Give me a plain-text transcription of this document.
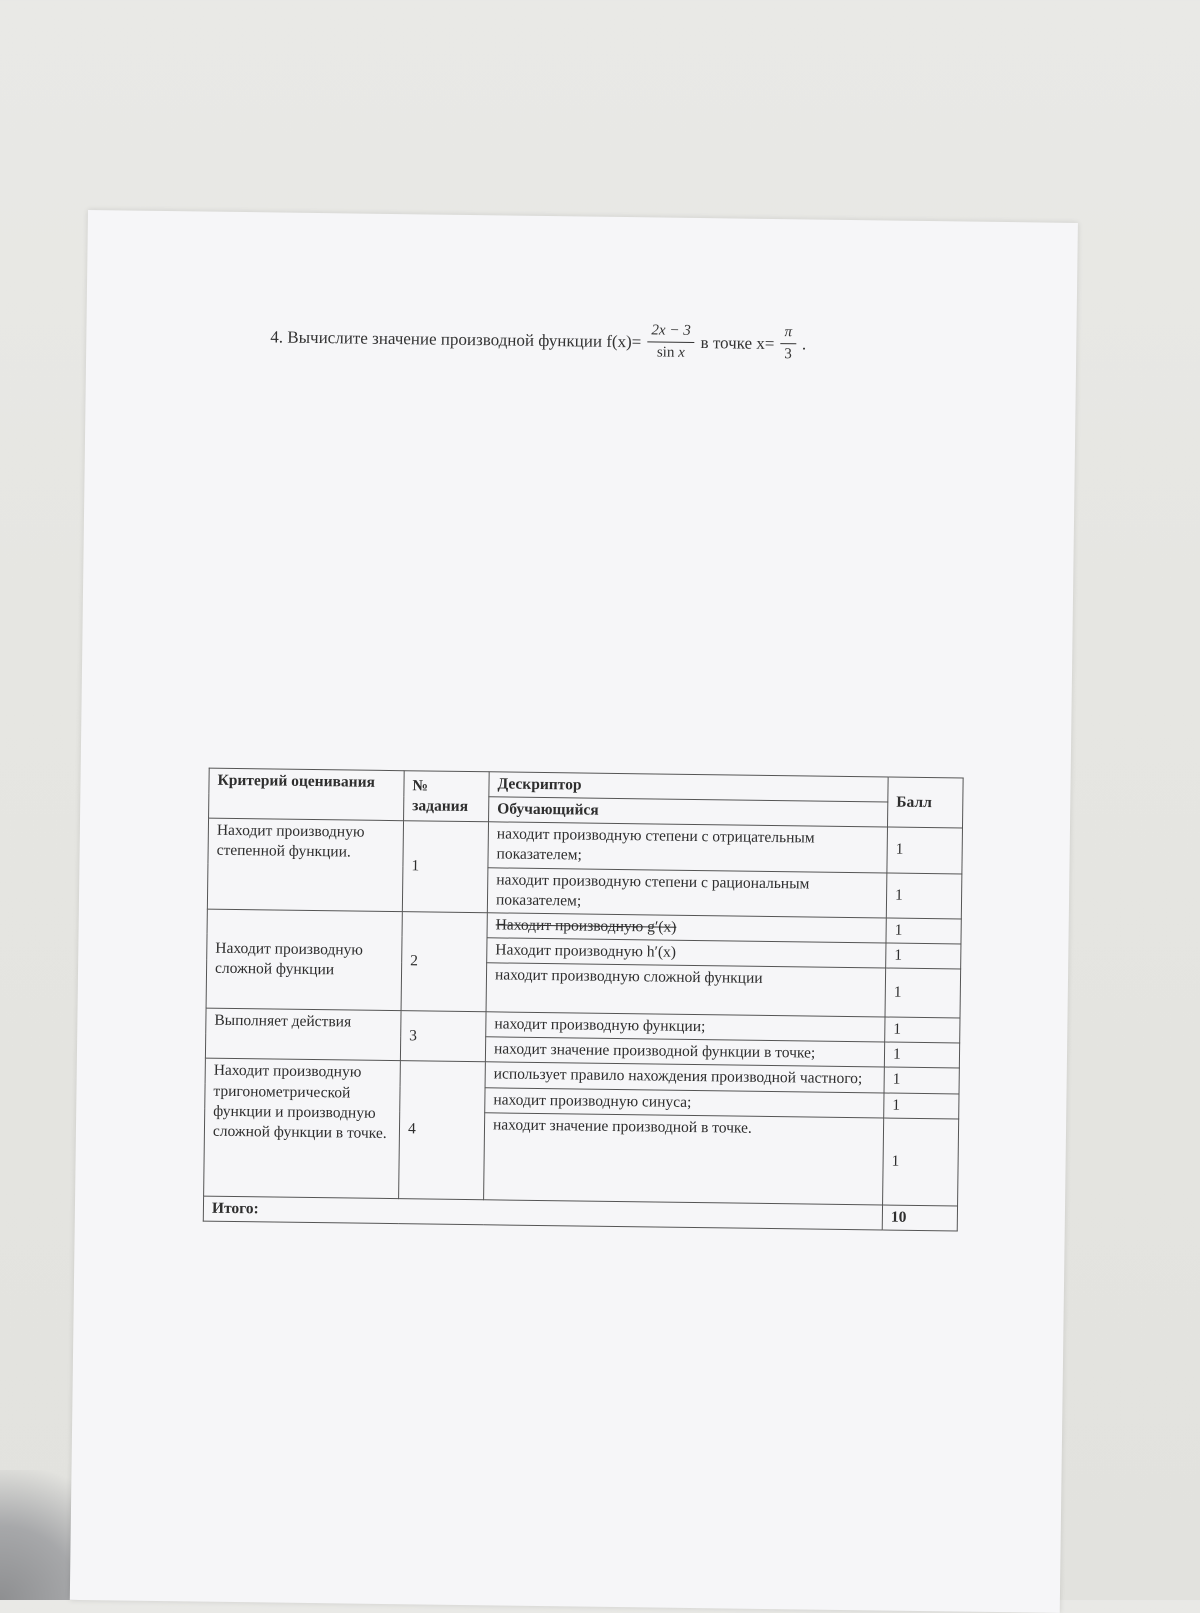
4. Вычислите значение производной функции $f(x)= \frac{2x - 3}{\text{sin x}}$ в точке $x= \frac{\pi}{3}$ .
Критерий оценивания	№ задания	Дескриптор	Балл
		Обучающийся	
Находит производную степенной функции.	1	находит производную степени с отрицательным показателем;	1
		находит производную степени с рациональным показателем;	1
Находит производную сложной функции	2	Находит производную g′(x)	1
		Находит производную h′(x)	1
		находит производную сложной функции	1
Выполняет действия	3	находит производную функции;	1
		находит значение производной функции в точке;	1
Находит производную тригонометрической функции и производную сложной функции в точке.	4	использует правило нахождения производной частного;	1
		находит производную синуса;	1
		находит значение производной в точке.	1
Итого:			10
